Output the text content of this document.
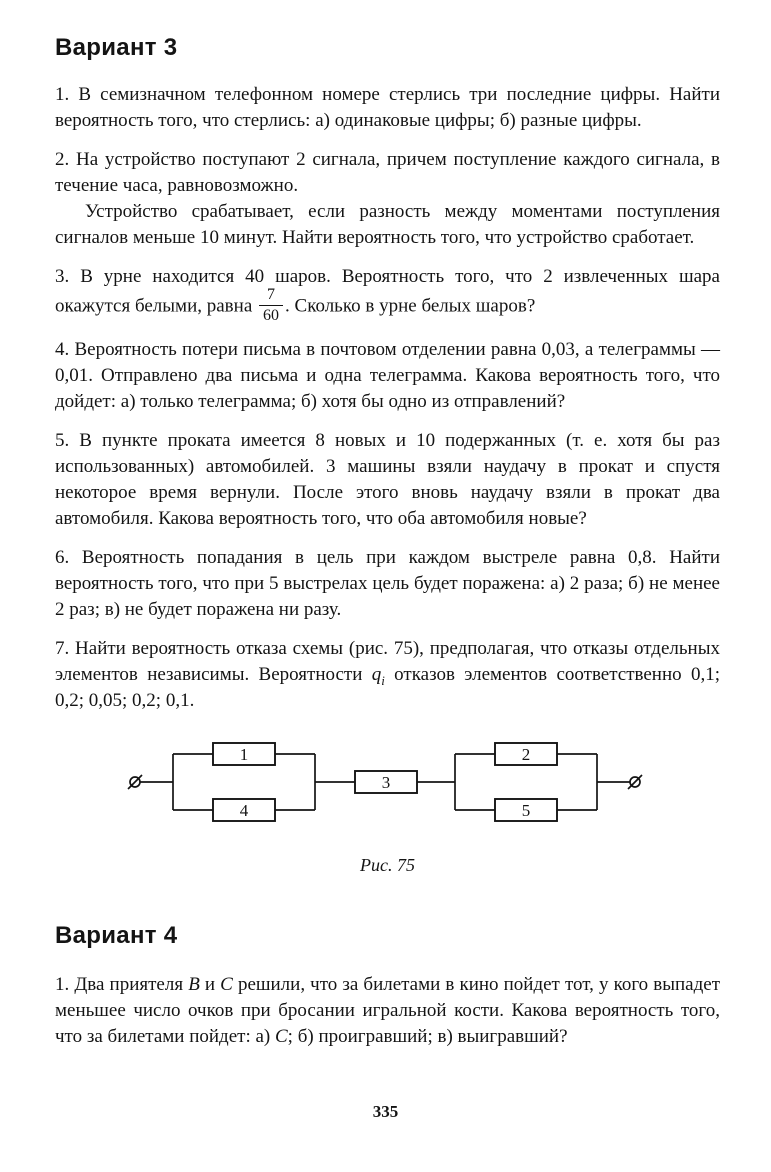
Вариант 3

1. В семизначном телефонном номере стерлись три последние цифры. Найти вероятность того, что стерлись: а) одинаковые цифры; б) разные цифры.

2. На устройство поступают 2 сигнала, причем поступление каждого сигнала, в течение часа, равновозможно.

Устройство срабатывает, если разность между моментами поступления сигналов меньше 10 минут. Найти вероятность того, что устройство сработает.

3. В урне находится 40 шаров. Вероятность того, что 2 извлеченных шара окажутся белыми, равна $\frac{7}{60}$ . Сколько в урне белых шаров?

4. Вероятность потери письма в почтовом отделении равна 0,03, а телеграммы — 0,01. Отправлено два письма и одна телеграмма. Какова вероятность того, что дойдет: а) только телеграмма; б) хотя бы одно из отправлений?

5. В пункте проката имеется 8 новых и 10 подержанных (т. е. хотя бы раз использованных) автомобилей. 3 машины взяли наудачу в прокат и спустя некоторое время вернули. После этого вновь наудачу взяли в прокат два автомобиля. Какова вероятность того, что оба автомобиля новые?

6. Вероятность попадания в цель при каждом выстреле равна 0,8. Найти вероятность того, что при 5 выстрелах цель будет поражена: а) 2 раза; б) не менее 2 раз; в) не будет поражена ни разу.

7. Найти вероятность отказа схемы (рис. 75), предполагая, что отказы отдельных элементов независимы. Вероятности $q_i$ отказов элементов соответственно 0,1; 0,2; 0,05; 0,2; 0,1.

1
4
3
2
5
Рис. 75
Вариант 4

1. Два приятеля B и C решили, что за билетами в кино пойдет тот, у кого выпадет меньшее число очков при бросании игральной кости. Какова вероятность того, что за билетами пойдет: а) C; б) проигравший; в) выигравший?

335
